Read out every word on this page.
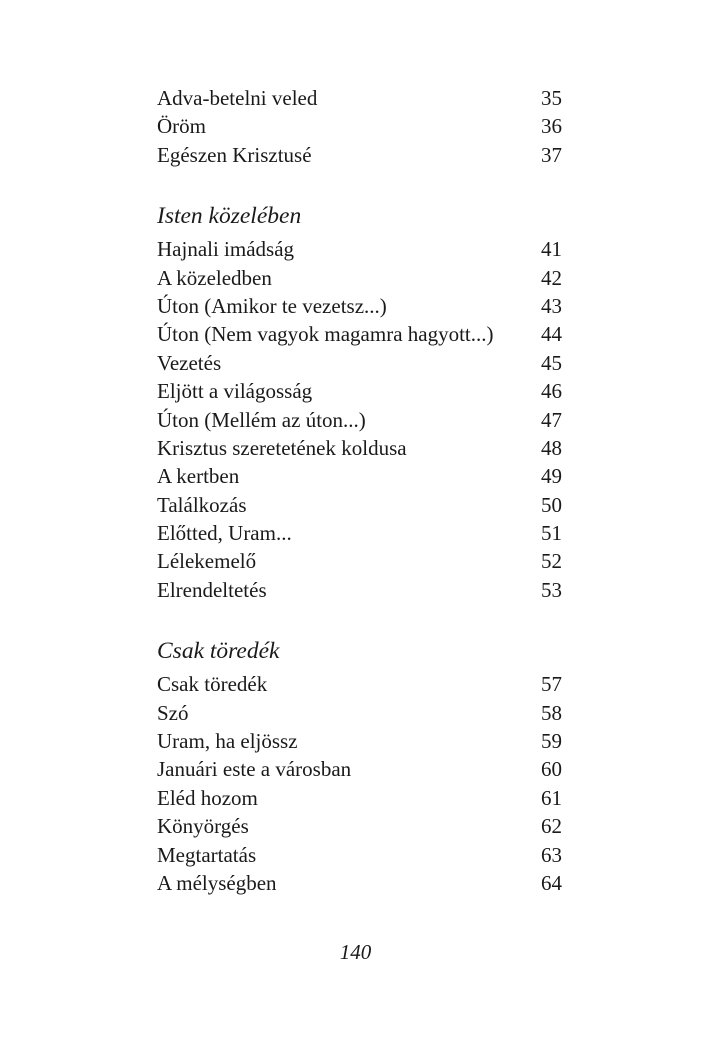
Adva-betelni veled	35
Öröm	36
Egészen Krisztusé	37
Isten közelében
Hajnali imádság	41
A közeledben	42
Úton (Amikor te vezetsz...)	43
Úton (Nem vagyok magamra hagyott...)	44
Vezetés	45
Eljött a világosság	46
Úton (Mellém az úton...)	47
Krisztus szeretetének koldusa	48
A kertben	49
Találkozás	50
Előtted, Uram...	51
Lélekemelő	52
Elrendeltetés	53
Csak töredék
Csak töredék	57
Szó	58
Uram, ha eljössz	59
Januári este a városban	60
Eléd hozom	61
Könyörgés	62
Megtartatás	63
A mélységben	64
140
